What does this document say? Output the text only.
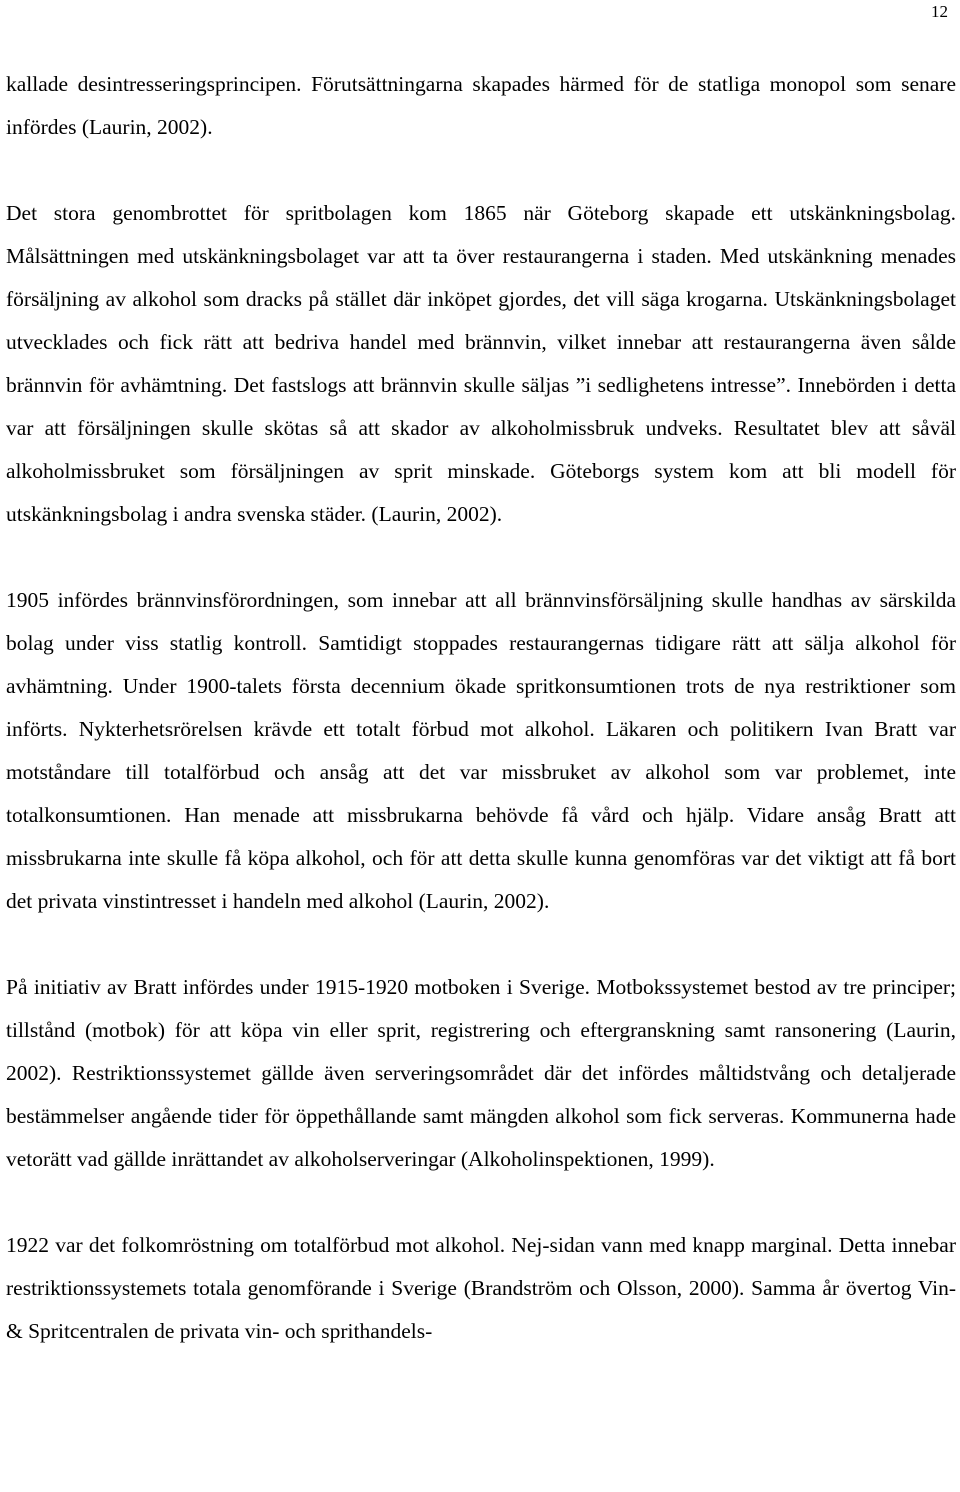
12

kallade desintresseringsprincipen. Förutsättningarna skapades härmed för de statliga monopol som senare infördes (Laurin, 2002).

Det stora genombrottet för spritbolagen kom 1865 när Göteborg skapade ett utskänkningsbolag. Målsättningen med utskänkningsbolaget var att ta över restaurangerna i staden. Med utskänkning menades försäljning av alkohol som dracks på stället där inköpet gjordes, det vill säga krogarna. Utskänkningsbolaget utvecklades och fick rätt att bedriva handel med brännvin, vilket innebar att restaurangerna även sålde brännvin för avhämtning. Det fastslogs att brännvin skulle säljas ”i sedlighetens intresse”. Innebörden i detta var att försäljningen skulle skötas så att skador av alkoholmissbruk undveks. Resultatet blev att såväl alkoholmissbruket som försäljningen av sprit minskade. Göteborgs system kom att bli modell för utskänkningsbolag i andra svenska städer. (Laurin, 2002).

1905 infördes brännvinsförordningen, som innebar att all brännvinsförsäljning skulle handhas av särskilda bolag under viss statlig kontroll. Samtidigt stoppades restaurangernas tidigare rätt att sälja alkohol för avhämtning. Under 1900-talets första decennium ökade spritkonsumtionen trots de nya restriktioner som införts. Nykterhetsrörelsen krävde ett totalt förbud mot alkohol. Läkaren och politikern Ivan Bratt var motståndare till totalförbud och ansåg att det var missbruket av alkohol som var problemet, inte totalkonsumtionen. Han menade att missbrukarna behövde få vård och hjälp. Vidare ansåg Bratt att missbrukarna inte skulle få köpa alkohol, och för att detta skulle kunna genomföras var det viktigt att få bort det privata vinstintresset i handeln med alkohol (Laurin, 2002).

På initiativ av Bratt infördes under 1915-1920 motboken i Sverige. Motbokssystemet bestod av tre principer; tillstånd (motbok) för att köpa vin eller sprit, registrering och eftergranskning samt ransonering (Laurin, 2002). Restriktionssystemet gällde även serveringsområdet där det infördes måltidstvång och detaljerade bestämmelser angående tider för öppethållande samt mängden alkohol som fick serveras. Kommunerna hade vetorätt vad gällde inrättandet av alkoholserveringar (Alkoholinspektionen, 1999).

1922 var det folkomröstning om totalförbud mot alkohol. Nej-sidan vann med knapp marginal. Detta innebar restriktionssystemets totala genomförande i Sverige (Brandström och Olsson, 2000). Samma år övertog Vin- & Spritcentralen de privata vin- och sprithandels-
